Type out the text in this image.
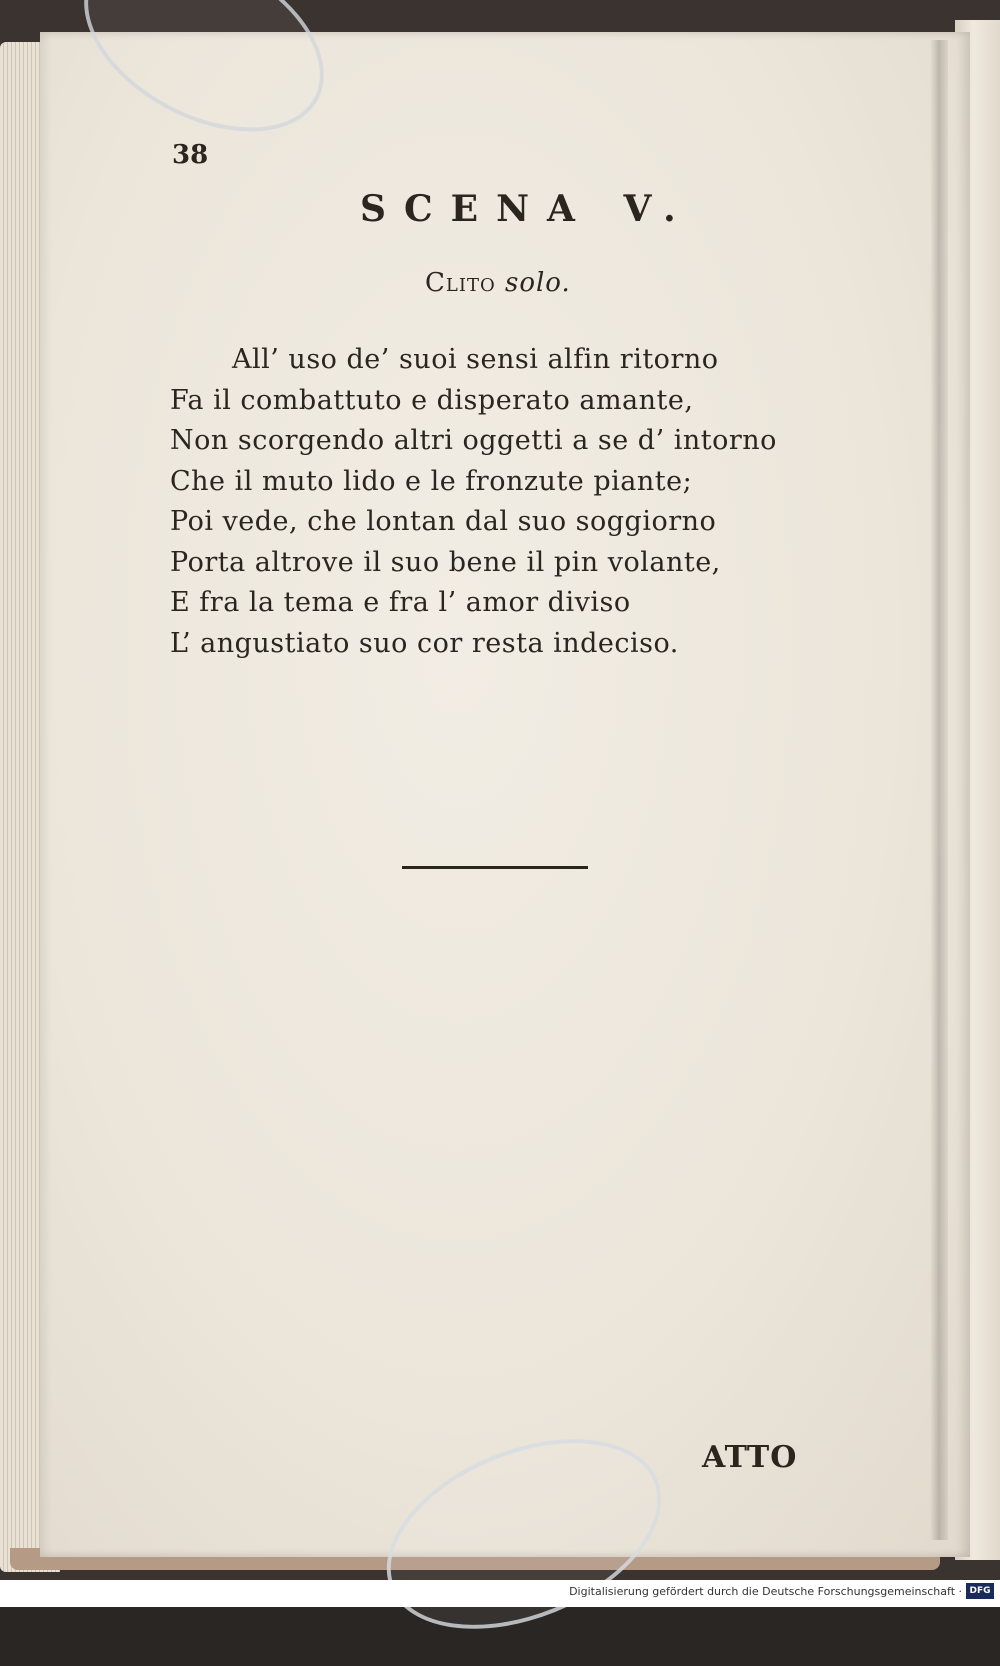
38
SCENA V.
Clito solo.
All’ uso de’ suoi sensi alfin ritorno
Fa il combattuto e disperato amante,
Non scorgendo altri oggetti a se d’ intorno
Che il muto lido e le fronzute piante;
Poi vede, che lontan dal suo soggiorno
Porta altrove il suo bene il pin volante,
E fra la tema e fra l’ amor diviso
L’ angustiato suo cor resta indeciso.
ATTO
Digitalisierung gefördert durch die Deutsche Forschungsgemeinschaft · DFG
